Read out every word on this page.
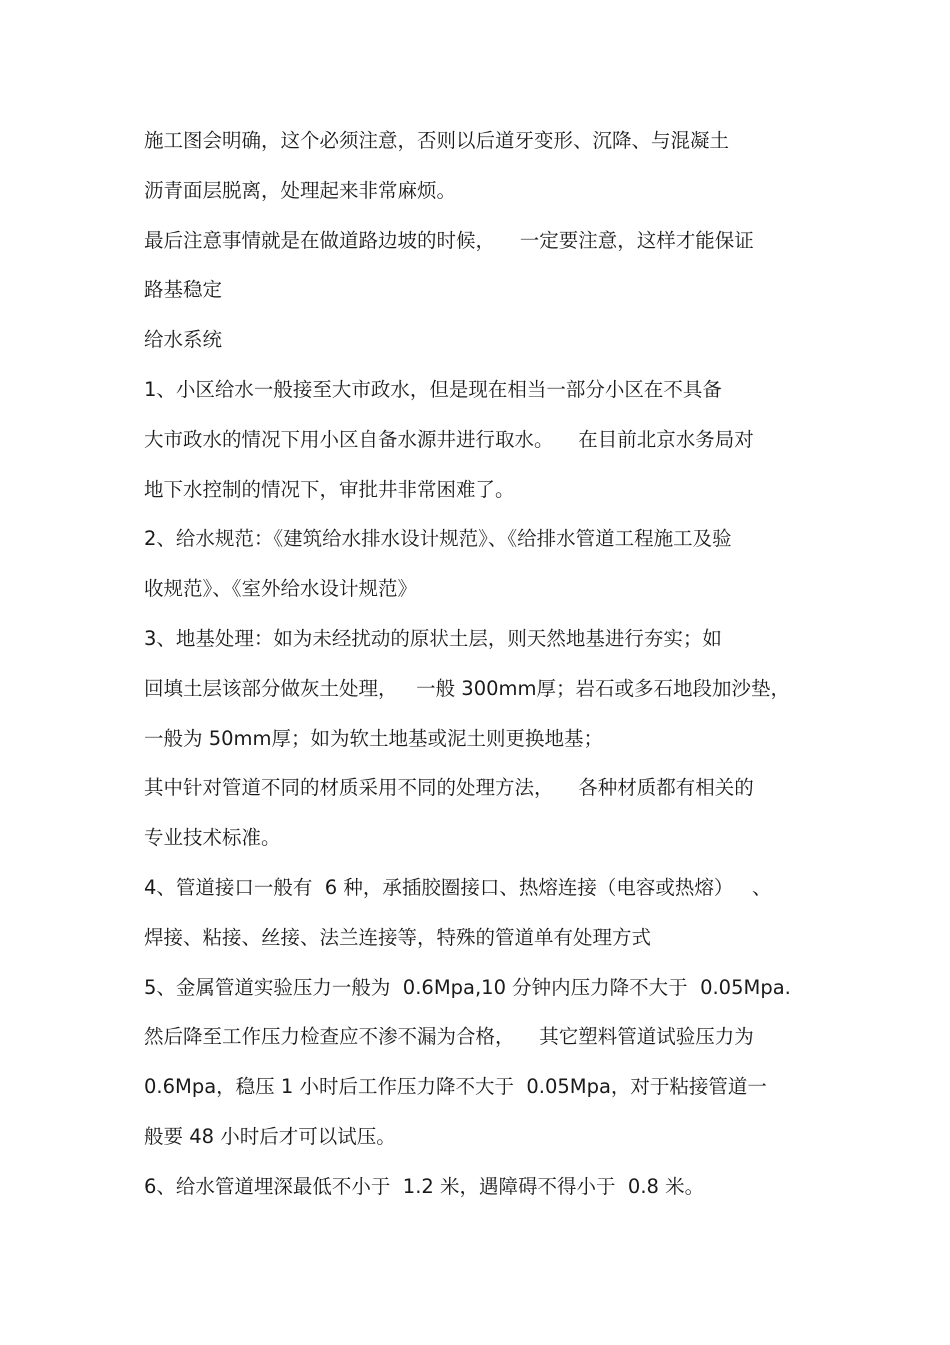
施工图会明确，这个必须注意，否则以后道牙变形、沉降、与混凝土
沥青面层脱离，处理起来非常麻烦。
最后注意事情就是在做道路边坡的时候，    一定要注意，这样才能保证
路基稳定
给水系统
1、小区给水一般接至大市政水，但是现在相当一部分小区在不具备
大市政水的情况下用小区自备水源井进行取水。    在目前北京水务局对
地下水控制的情况下，审批井非常困难了。
2、给水规范：《建筑给水排水设计规范》、《给排水管道工程施工及验
收规范》、《室外给水设计规范》
3、地基处理：如为未经扰动的原状土层，则天然地基进行夯实；如
回填土层该部分做灰土处理，   一般 300mm厚；岩石或多石地段加沙垫，
一般为 50mm厚；如为软土地基或泥土则更换地基；
其中针对管道不同的材质采用不同的处理方法，    各种材质都有相关的
专业技术标准。
4、管道接口一般有  6 种，承插胶圈接口、热熔连接（电容或热熔）   、
焊接、粘接、丝接、法兰连接等，特殊的管道单有处理方式
5、金属管道实验压力一般为  0.6Mpa,10 分钟内压力降不大于  0.05Mpa.
然后降至工作压力检查应不渗不漏为合格，    其它塑料管道试验压力为
0.6Mpa，稳压 1 小时后工作压力降不大于  0.05Mpa，对于粘接管道一
般要 48 小时后才可以试压。
6、给水管道埋深最低不小于  1.2 米，遇障碍不得小于  0.8 米。
